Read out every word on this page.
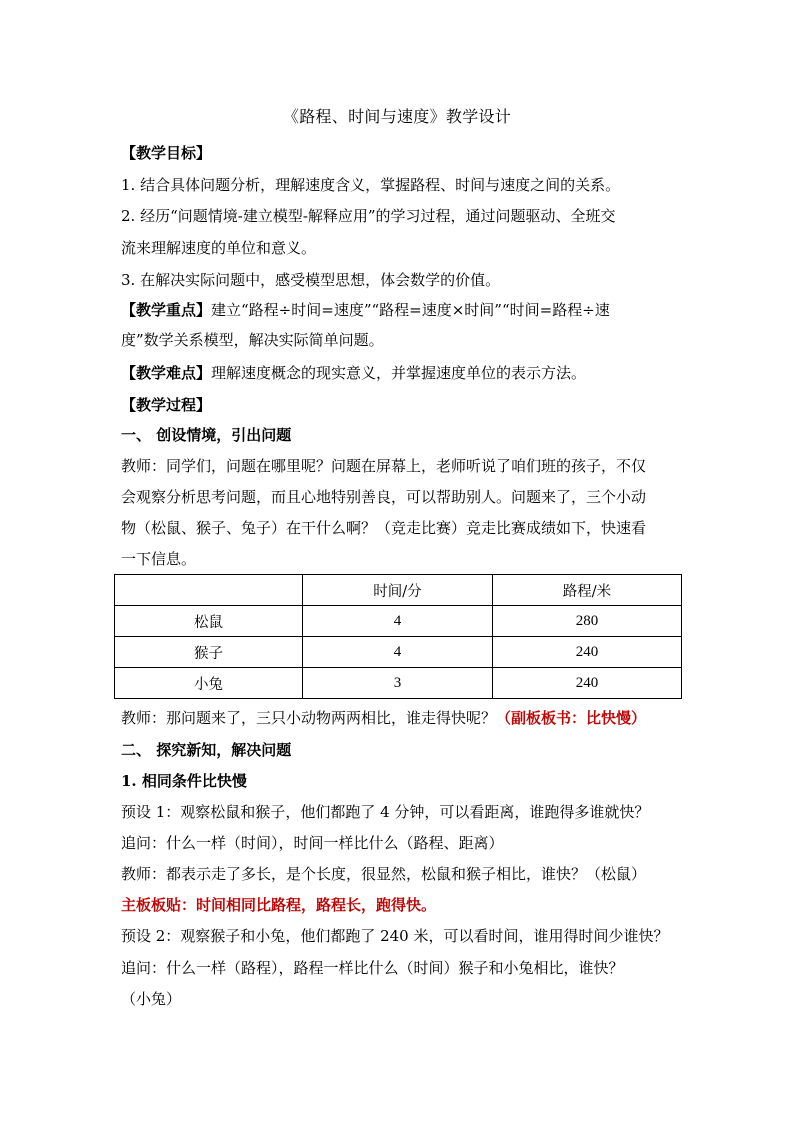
《路程、时间与速度》教学设计
【教学目标】
1. 结合具体问题分析，理解速度含义，掌握路程、时间与速度之间的关系。
2. 经历“问题情境-建立模型-解释应用”的学习过程，通过问题驱动、全班交
流来理解速度的单位和意义。
3. 在解决实际问题中，感受模型思想，体会数学的价值。
【教学重点】建立“路程÷时间=速度”“路程=速度×时间”“时间=路程÷速
度”数学关系模型，解决实际简单问题。
【教学难点】理解速度概念的现实意义，并掌握速度单位的表示方法。
【教学过程】
一、 创设情境，引出问题
教师：同学们，问题在哪里呢？问题在屏幕上，老师听说了咱们班的孩子，不仅
会观察分析思考问题，而且心地特别善良，可以帮助别人。问题来了，三个小动
物（松鼠、猴子、兔子）在干什么啊？（竞走比赛）竞走比赛成绩如下，快速看
一下信息。
	时间/分	路程/米
松鼠	4	280
猴子	4	240
小兔	3	240
教师：那问题来了，三只小动物两两相比，谁走得快呢？（副板板书：比快慢）
二、 探究新知，解决问题
1. 相同条件比快慢
预设 1：观察松鼠和猴子，他们都跑了 4 分钟，可以看距离，谁跑得多谁就快？
追问：什么一样（时间），时间一样比什么（路程、距离）
教师：都表示走了多长，是个长度，很显然，松鼠和猴子相比，谁快？（松鼠）
主板板贴：时间相同比路程，路程长，跑得快。
预设 2：观察猴子和小兔，他们都跑了 240 米，可以看时间，谁用得时间少谁快？
追问：什么一样（路程），路程一样比什么（时间）猴子和小兔相比，谁快？
（小兔）
